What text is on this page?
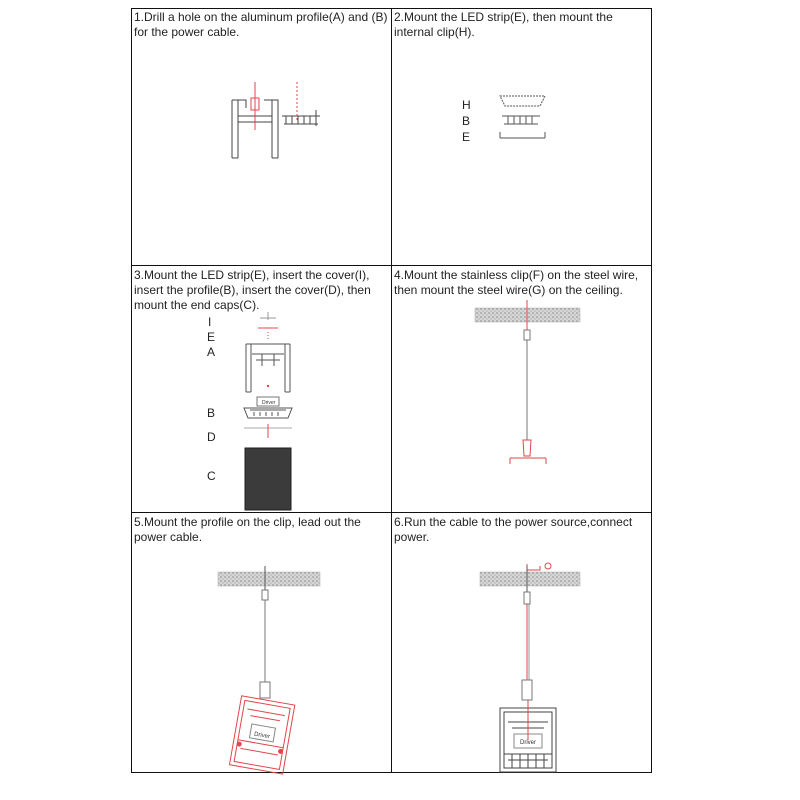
1.Drill a hole on the aluminum profile(A) and (B) for the power cable.
2.Mount the LED strip(E), then mount the internal clip(H).
3.Mount the LED strip(E), insert the cover(I), insert the profile(B), insert the cover(D), then mount the end caps(C).
4.Mount the stainless clip(F) on the steel wire, then mount the steel wire(G) on the ceiling.
5.Mount the profile on the clip, lead out the power cable.
6.Run the cable to the power source,connect power.
H
B
E
I
E
A
B
D
C
Driver
Driver
Driver
